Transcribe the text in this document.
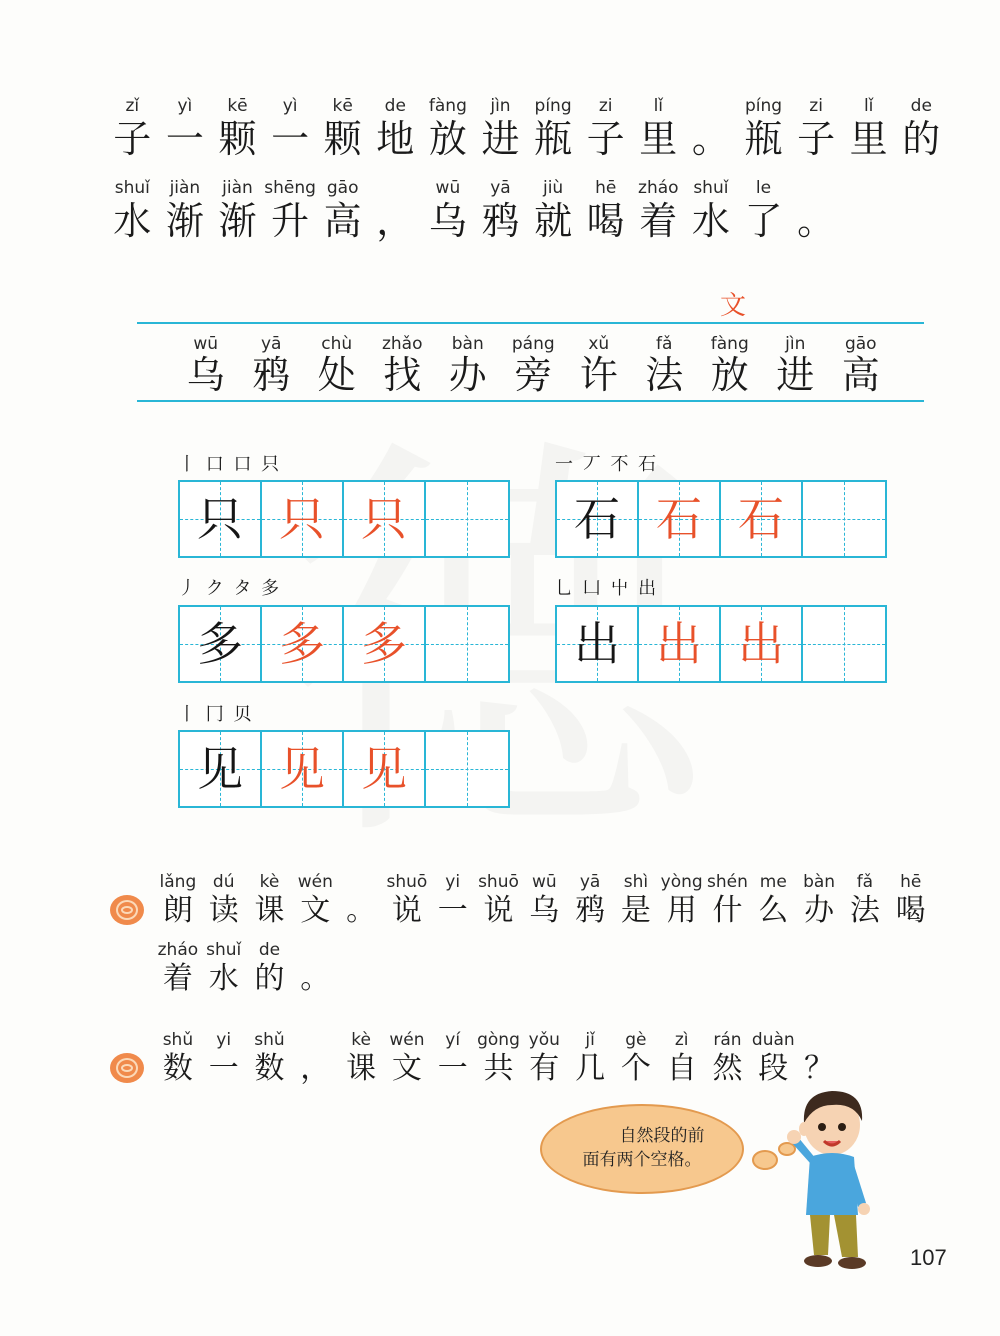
zǐ
子
yì
一
kē
颗
yì
一
kē
颗
de
地
fàng
放
jìn
进
píng
瓶
zi
子
lǐ
里 。
píng
瓶
zi
子
lǐ
里
de
的
shuǐ
水
jiàn
渐
jiàn
渐
shēng
升
gāo
高 ，
wū
乌
yā
鸦
jiù
就
hē
喝
zháo
着
shuǐ
水
le
了 。
文
wū
乌
yā
鸦
chù
处
zhǎo
找
bàn
办
páng
旁
xǔ
许
fǎ
法
fàng
放
jìn
进
gāo
高
丨 口 口 只
只 只 只
一 丆 不 石
石 石 石
丿 ク タ 多
多 多 多
乚 凵 屮 出
出 出 出
丨 冂 贝
见 见 见
lǎng
朗
dú
读
kè
课
wén
文 。
shuō
说
yi
一
shuō
说
wū
乌
yā
鸦
shì
是
yòng
用
shén
什
me
么
bàn
办
fǎ
法
hē
喝
zháo
着
shuǐ
水
de
的 。
shǔ
数
yi
一
shǔ
数 ，
kè
课
wén
文
yí
一
gòng
共
yǒu
有
jǐ
几
gè
个
zì
自
rán
然
duàn
段 ？
自然段的前
面有两个空格。
107
